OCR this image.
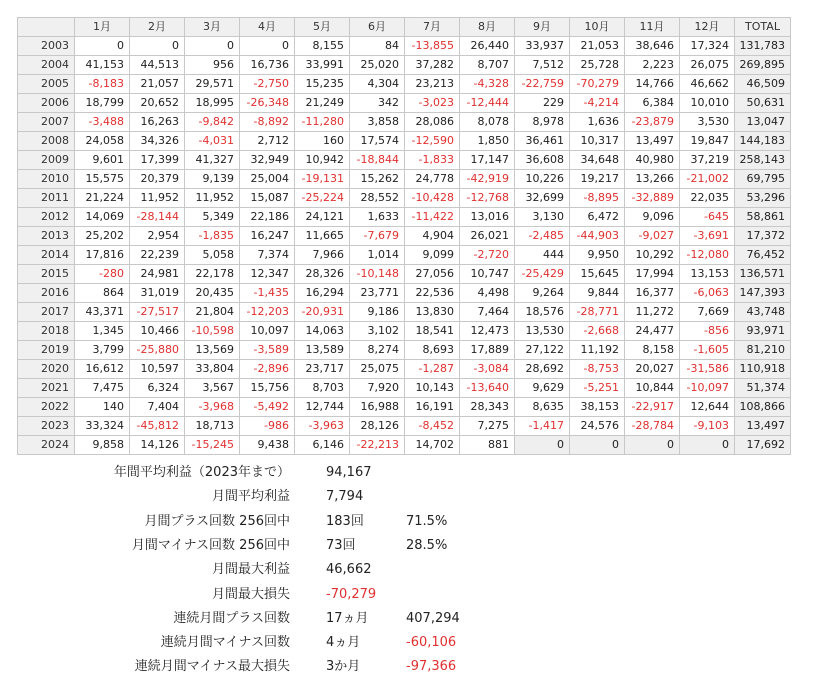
	1月	2月	3月	4月	5月	6月	7月	8月	9月	10月	11月	12月	TOTAL
2003	0	0	0	0	8,155	84	-13,855	26,440	33,937	21,053	38,646	17,324	131,783
2004	41,153	44,513	956	16,736	33,991	25,020	37,282	8,707	7,512	25,728	2,223	26,075	269,895
2005	-8,183	21,057	29,571	-2,750	15,235	4,304	23,213	-4,328	-22,759	-70,279	14,766	46,662	46,509
2006	18,799	20,652	18,995	-26,348	21,249	342	-3,023	-12,444	229	-4,214	6,384	10,010	50,631
2007	-3,488	16,263	-9,842	-8,892	-11,280	3,858	28,086	8,078	8,978	1,636	-23,879	3,530	13,047
2008	24,058	34,326	-4,031	2,712	160	17,574	-12,590	1,850	36,461	10,317	13,497	19,847	144,183
2009	9,601	17,399	41,327	32,949	10,942	-18,844	-1,833	17,147	36,608	34,648	40,980	37,219	258,143
2010	15,575	20,379	9,139	25,004	-19,131	15,262	24,778	-42,919	10,226	19,217	13,266	-21,002	69,795
2011	21,224	11,952	11,952	15,087	-25,224	28,552	-10,428	-12,768	32,699	-8,895	-32,889	22,035	53,296
2012	14,069	-28,144	5,349	22,186	24,121	1,633	-11,422	13,016	3,130	6,472	9,096	-645	58,861
2013	25,202	2,954	-1,835	16,247	11,665	-7,679	4,904	26,021	-2,485	-44,903	-9,027	-3,691	17,372
2014	17,816	22,239	5,058	7,374	7,966	1,014	9,099	-2,720	444	9,950	10,292	-12,080	76,452
2015	-280	24,981	22,178	12,347	28,326	-10,148	27,056	10,747	-25,429	15,645	17,994	13,153	136,571
2016	864	31,019	20,435	-1,435	16,294	23,771	22,536	4,498	9,264	9,844	16,377	-6,063	147,393
2017	43,371	-27,517	21,804	-12,203	-20,931	9,186	13,830	7,464	18,576	-28,771	11,272	7,669	43,748
2018	1,345	10,466	-10,598	10,097	14,063	3,102	18,541	12,473	13,530	-2,668	24,477	-856	93,971
2019	3,799	-25,880	13,569	-3,589	13,589	8,274	8,693	17,889	27,122	11,192	8,158	-1,605	81,210
2020	16,612	10,597	33,804	-2,896	23,717	25,075	-1,287	-3,084	28,692	-8,753	20,027	-31,586	110,918
2021	7,475	6,324	3,567	15,756	8,703	7,920	10,143	-13,640	9,629	-5,251	10,844	-10,097	51,374
2022	140	7,404	-3,968	-5,492	12,744	16,988	16,191	28,343	8,635	38,153	-22,917	12,644	108,866
2023	33,324	-45,812	18,713	-986	-3,963	28,126	-8,452	7,275	-1,417	24,576	-28,784	-9,103	13,497
2024	9,858	14,126	-15,245	9,438	6,146	-22,213	14,702	881	0	0	0	0	17,692
年間平均利益（2023年まで）	94,167
月間平均利益	7,794
月間プラス回数 256回中	183回	71.5%
月間マイナス回数 256回中	73回	28.5%
月間最大利益	46,662
月間最大損失	-70,279
連続月間プラス回数	17ヵ月	407,294
連続月間マイナス回数	4ヵ月	-60,106
連続月間マイナス最大損失	3か月	-97,366
